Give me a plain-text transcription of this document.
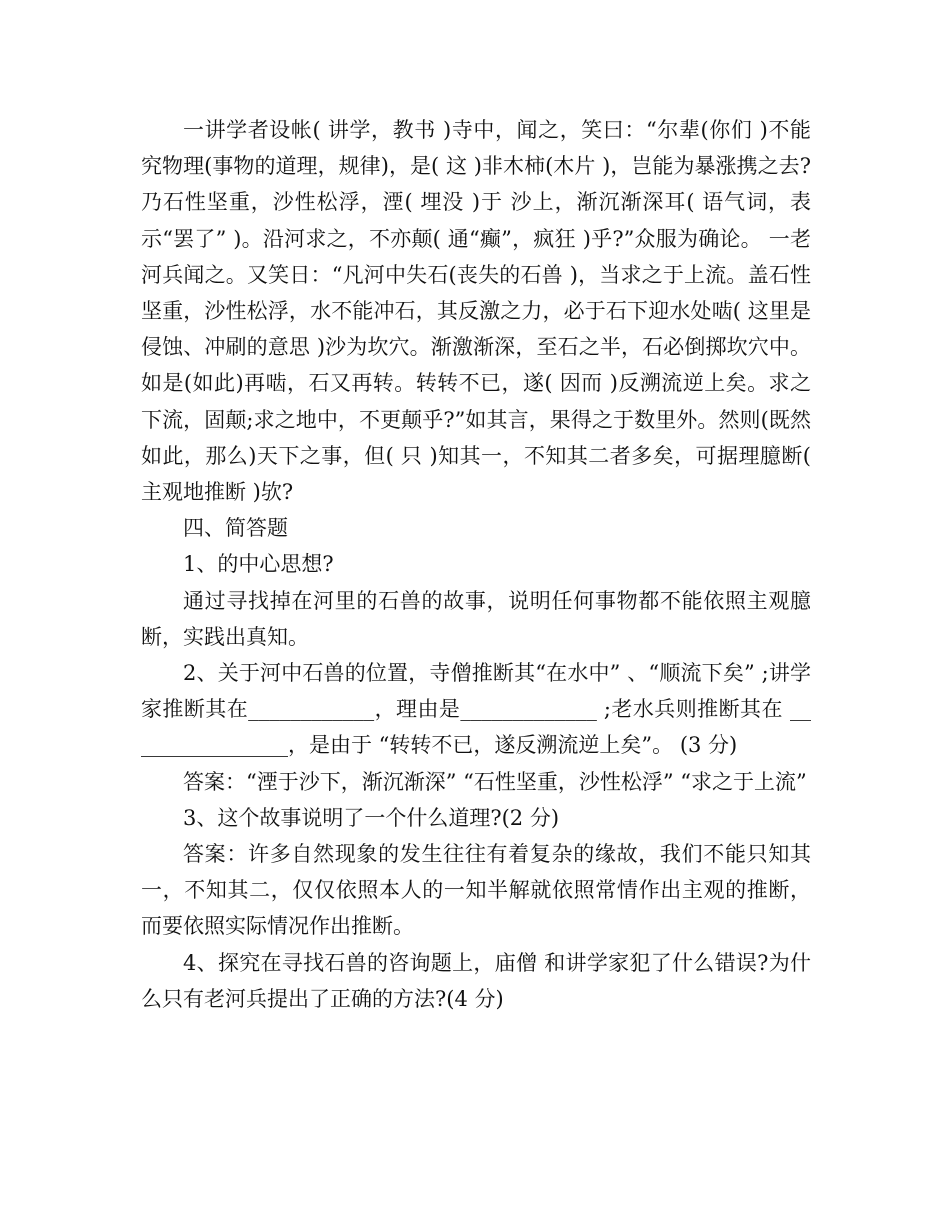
一讲学者设帐( 讲学，教书 )寺中，闻之，笑曰：“尔辈(你们 )不能究物理(事物的道理，规律)，是( 这 )非木柿(木片 )，岂能为暴涨携之去?乃石性坚重，沙性松浮，湮( 埋没 )于 沙上，渐沉渐深耳( 语气词，表示“罢了” )。沿河求之，不亦颠( 通“癫”，疯狂 )乎?”众服为确论。 一老河兵闻之。又笑日：“凡河中失石(丧失的石兽 )，当求之于上流。盖石性坚重，沙性松浮，水不能冲石，其反激之力，必于石下迎水处啮( 这里是侵蚀、冲刷的意思 )沙为坎穴。渐激渐深，至石之半，石必倒掷坎穴中。如是(如此)再啮，石又再转。转转不已，遂( 因而 )反溯流逆上矣。求之下流，固颠;求之地中，不更颠乎?”如其言，果得之于数里外。然则(既然如此，那么)天下之事，但( 只 )知其一，不知其二者多矣，可据理臆断( 主观地推断 )欤?

四、简答题

1、的中心思想?

通过寻找掉在河里的石兽的故事，说明任何事物都不能依照主观臆断，实践出真知。

2、关于河中石兽的位置，寺僧推断其“在水中” 、“顺流下矣” ;讲学家推断其在____________，理由是_____________ ;老水兵则推断其在 ________________，是由于 “转转不已，遂反溯流逆上矣”。 (3 分)

答案：“湮于沙下，渐沉渐深” “石性坚重，沙性松浮” “求之于上流”

3、这个故事说明了一个什么道理?(2 分)

答案：许多自然现象的发生往往有着复杂的缘故，我们不能只知其一，不知其二，仅仅依照本人的一知半解就依照常情作出主观的推断，而要依照实际情况作出推断。

4、探究在寻找石兽的咨询题上，庙僧 和讲学家犯了什么错误?为什么只有老河兵提出了正确的方法?(4 分)
